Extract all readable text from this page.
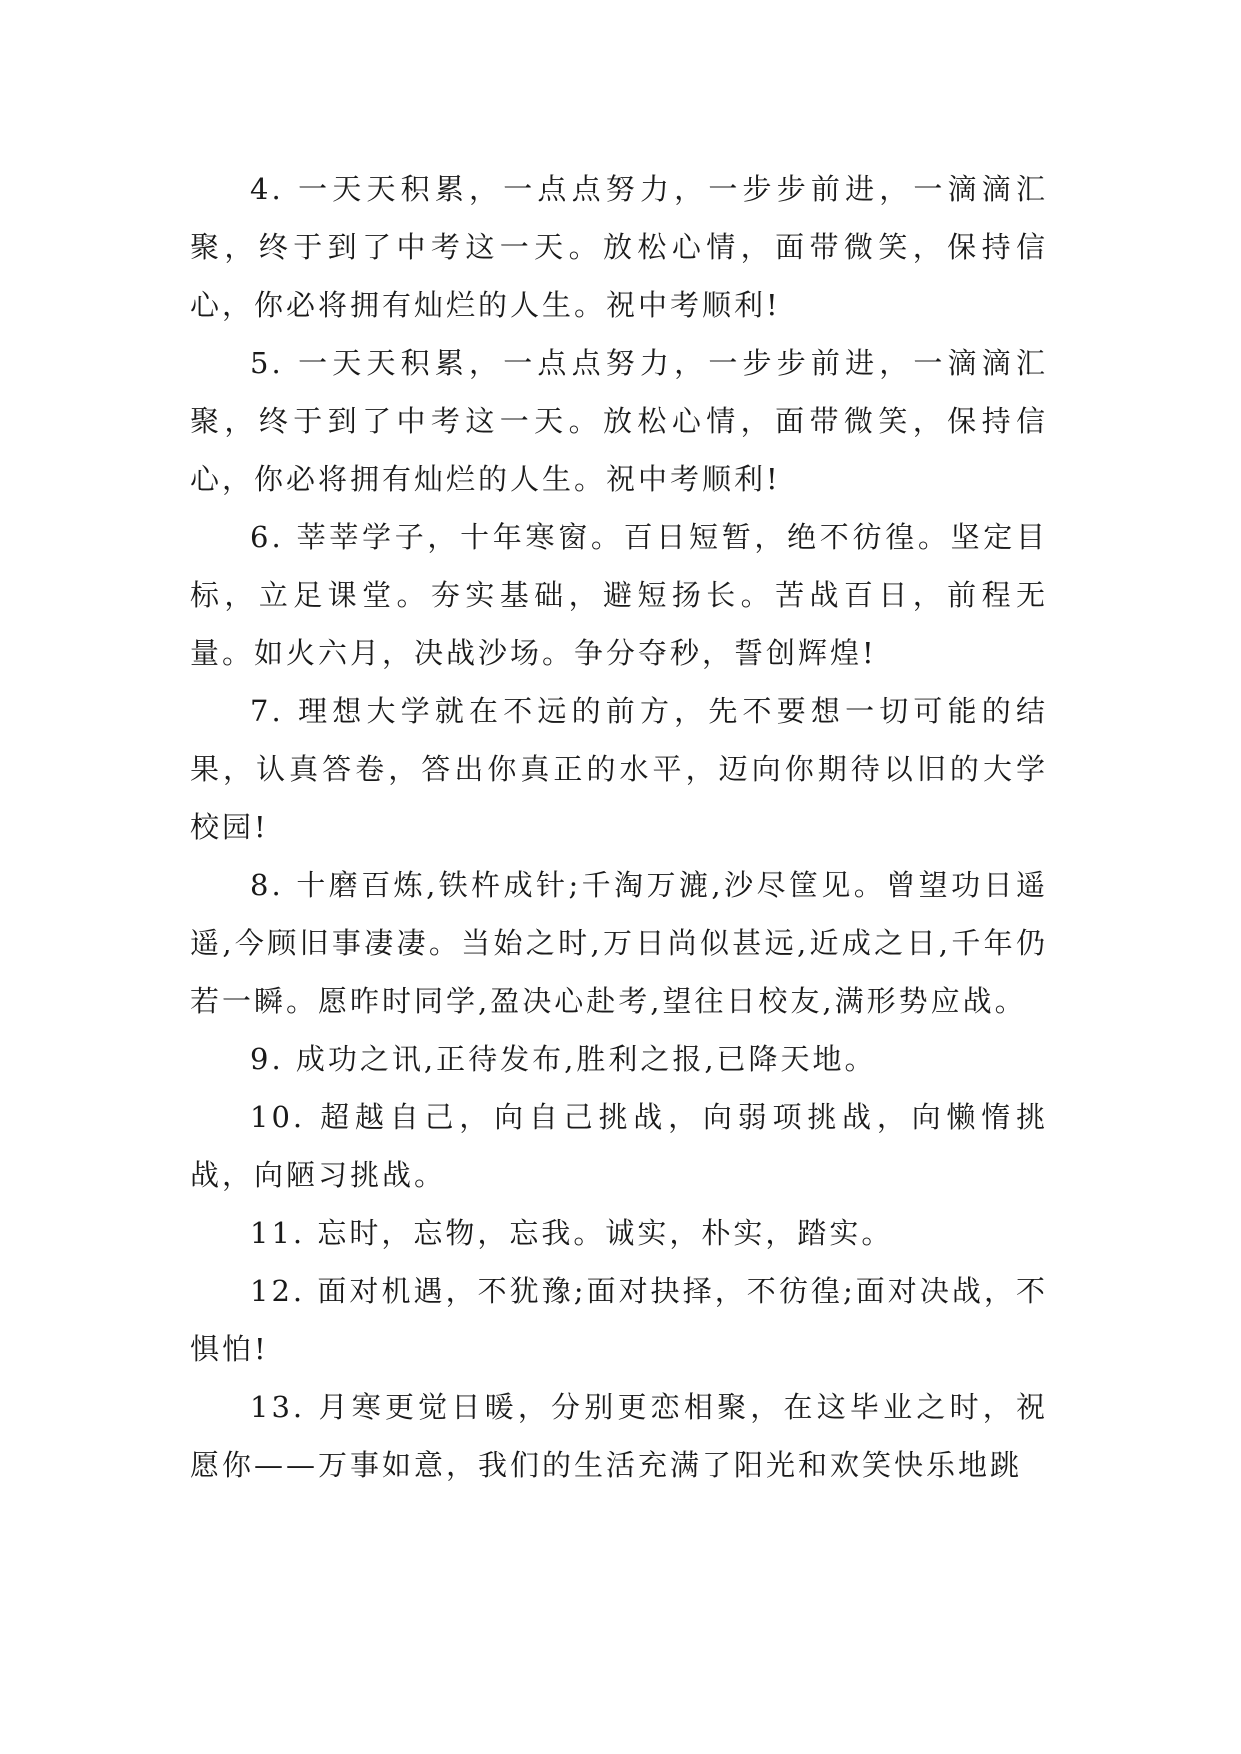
4. 一天天积累，一点点努力，一步步前进，一滴滴汇聚，终于到了中考这一天。放松心情，面带微笑，保持信心，你必将拥有灿烂的人生。祝中考顺利!

5. 一天天积累，一点点努力，一步步前进，一滴滴汇聚，终于到了中考这一天。放松心情，面带微笑，保持信心，你必将拥有灿烂的人生。祝中考顺利!

6. 莘莘学子，十年寒窗。百日短暂，绝不彷徨。坚定目标，立足课堂。夯实基础，避短扬长。苦战百日，前程无量。如火六月，决战沙场。争分夺秒，誓创辉煌!

7. 理想大学就在不远的前方，先不要想一切可能的结果，认真答卷，答出你真正的水平，迈向你期待以旧的大学校园!

8. 十磨百炼,铁杵成针;千淘万漉,沙尽筐见。曾望功日遥遥,今顾旧事凄凄。当始之时,万日尚似甚远,近成之日,千年仍若一瞬。愿昨时同学,盈决心赴考,望往日校友,满形势应战。

9. 成功之讯,正待发布,胜利之报,已降天地。

10. 超越自己，向自己挑战，向弱项挑战，向懒惰挑战，向陋习挑战。

11. 忘时，忘物，忘我。诚实，朴实，踏实。

12. 面对机遇，不犹豫;面对抉择，不彷徨;面对决战，不惧怕!

13. 月寒更觉日暖，分别更恋相聚，在这毕业之时，祝愿你——万事如意，我们的生活充满了阳光和欢笑快乐地跳
